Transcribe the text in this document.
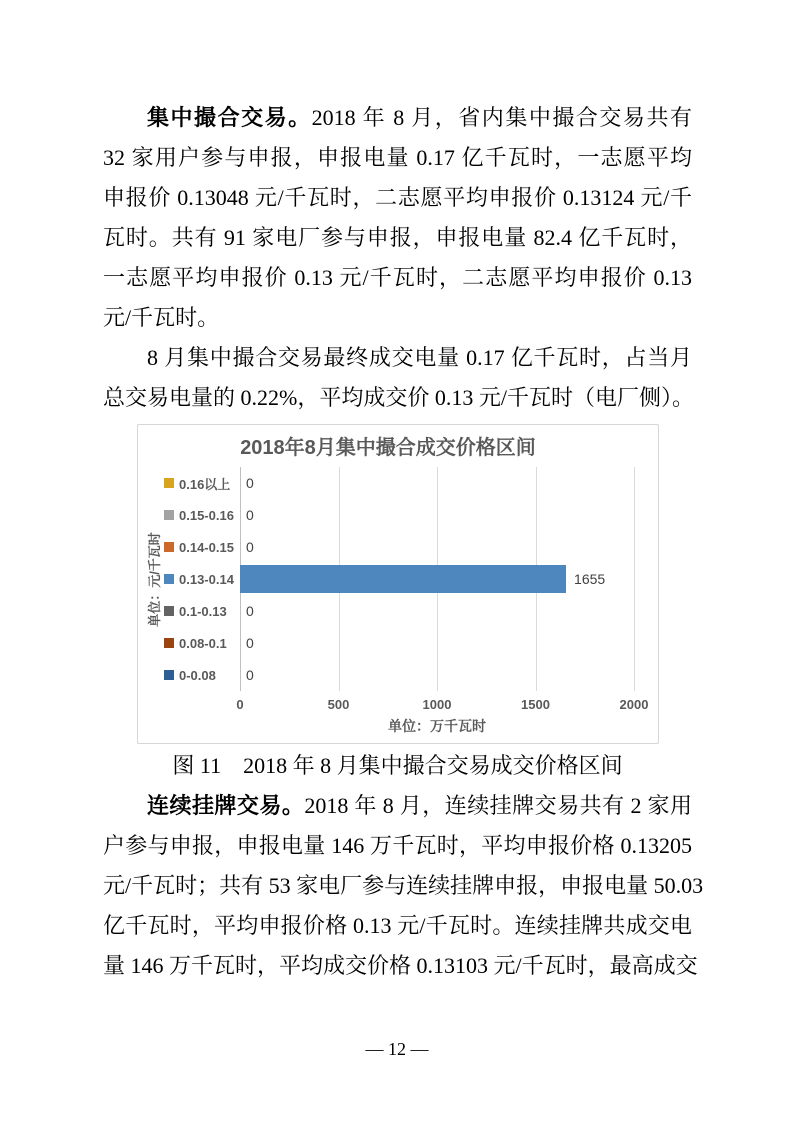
集中撮合交易。2018 年 8 月，省内集中撮合交易共有
32 家用户参与申报，申报电量 0.17 亿千瓦时，一志愿平均
申报价 0.13048 元/千瓦时，二志愿平均申报价 0.13124 元/千
瓦时。共有 91 家电厂参与申报，申报电量 82.4 亿千瓦时，
一志愿平均申报价 0.13 元/千瓦时，二志愿平均申报价 0.13
元/千瓦时。
8 月集中撮合交易最终成交电量 0.17 亿千瓦时，占当月
总交易电量的 0.22%，平均成交价 0.13 元/千瓦时（电厂侧）。
2018年8月集中撮合成交价格区间
单位：元/千瓦时
0.16以上
0.15-0.16
0.14-0.15
0.13-0.14
0.1-0.13
0.08-0.1
0-0.08
0
0
0
1655
0
0
0
0	500	1000	1500	2000
单位：万千瓦时
图 11　2018 年 8 月集中撮合交易成交价格区间
连续挂牌交易。2018 年 8 月，连续挂牌交易共有 2 家用
户参与申报，申报电量 146 万千瓦时，平均申报价格 0.13205
元/千瓦时；共有 53 家电厂参与连续挂牌申报，申报电量 50.03
亿千瓦时，平均申报价格 0.13 元/千瓦时。连续挂牌共成交电
量 146 万千瓦时，平均成交价格 0.13103 元/千瓦时，最高成交
— 12 —
